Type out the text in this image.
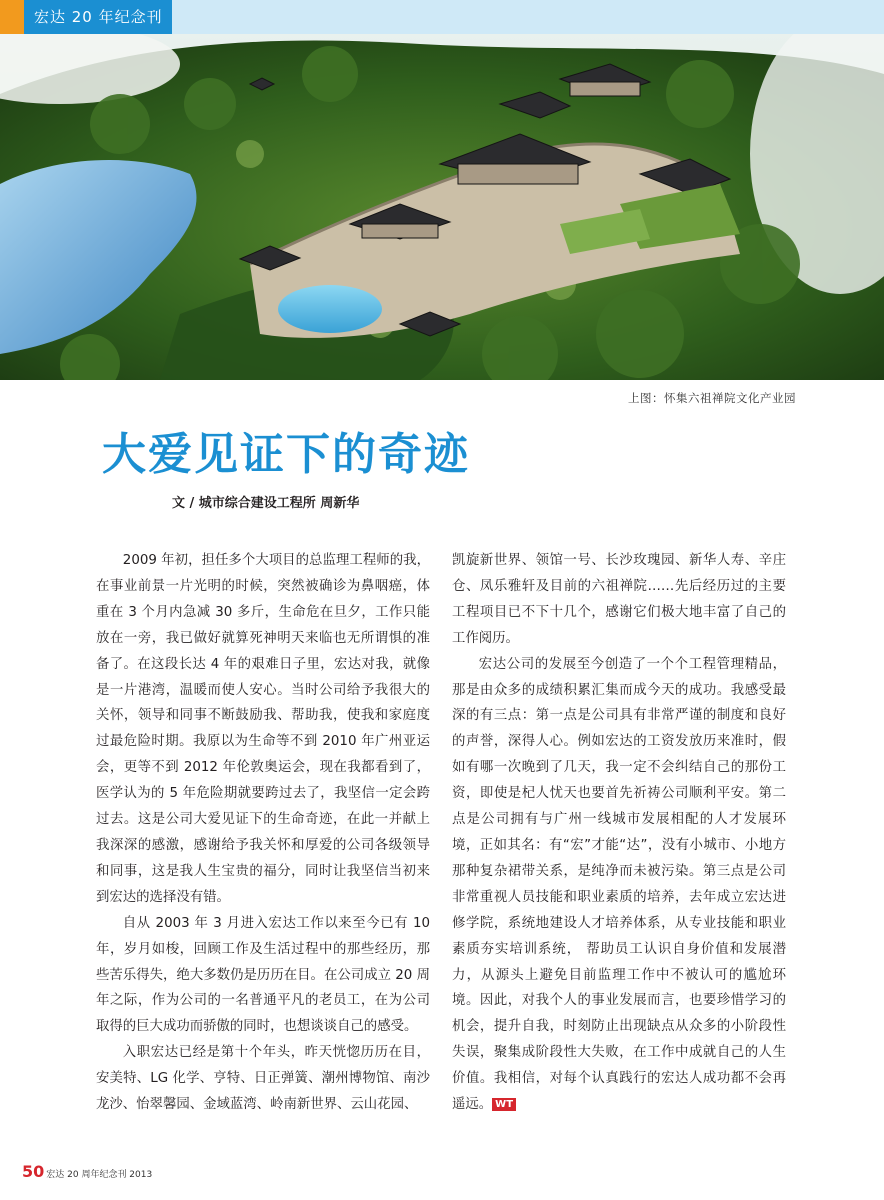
宏达 20 年纪念刊
上图：怀集六祖禅院文化产业园
大爱见证下的奇迹
文 / 城市综合建设工程所 周新华

2009 年初，担任多个大项目的总监理工程师的我，在事业前景一片光明的时候，突然被确诊为鼻咽癌，体重在 3 个月内急减 30 多斤，生命危在旦夕，工作只能放在一旁，我已做好就算死神明天来临也无所谓惧的准备了。在这段长达 4 年的艰难日子里，宏达对我，就像是一片港湾，温暖而使人安心。当时公司给予我很大的关怀，领导和同事不断鼓励我、帮助我，使我和家庭度过最危险时期。我原以为生命等不到 2010 年广州亚运会，更等不到 2012 年伦敦奥运会，现在我都看到了，医学认为的 5 年危险期就要跨过去了，我坚信一定会跨过去。这是公司大爱见证下的生命奇迹，在此一并献上我深深的感激，感谢给予我关怀和厚爱的公司各级领导和同事，这是我人生宝贵的福分，同时让我坚信当初来到宏达的选择没有错。

自从 2003 年 3 月进入宏达工作以来至今已有 10 年，岁月如梭，回顾工作及生活过程中的那些经历，那些苦乐得失，绝大多数仍是历历在目。在公司成立 20 周年之际，作为公司的一名普通平凡的老员工，在为公司取得的巨大成功而骄傲的同时，也想谈谈自己的感受。

入职宏达已经是第十个年头，昨天恍惚历历在目，安美特、LG 化学、亨特、日正弹簧、潮州博物馆、南沙龙沙、怡翠馨园、金域蓝湾、岭南新世界、云山花园、

凯旋新世界、领馆一号、长沙玫瑰园、新华人寿、辛庄仓、凤乐雅轩及目前的六祖禅院……先后经历过的主要工程项目已不下十几个，感谢它们极大地丰富了自己的工作阅历。

宏达公司的发展至今创造了一个个工程管理精品，那是由众多的成绩积累汇集而成今天的成功。我感受最深的有三点：第一点是公司具有非常严谨的制度和良好的声誉，深得人心。例如宏达的工资发放历来准时，假如有哪一次晚到了几天，我一定不会纠结自己的那份工资，即使是杞人忧天也要首先祈祷公司顺利平安。第二点是公司拥有与广州一线城市发展相配的人才发展环境，正如其名：有“宏”才能“达”，没有小城市、小地方那种复杂裙带关系，是纯净而未被污染。第三点是公司非常重视人员技能和职业素质的培养，去年成立宏达进修学院，系统地建设人才培养体系，从专业技能和职业素质夯实培训系统， 帮助员工认识自身价值和发展潜力，从源头上避免目前监理工作中不被认可的尴尬环境。因此，对我个人的事业发展而言，也要珍惜学习的机会，提升自我，时刻防止出现缺点从众多的小阶段性失误，聚集成阶段性大失败，在工作中成就自己的人生价值。我相信，对每个认真践行的宏达人成功都不会再遥远。 WT

50 宏达 20 周年纪念刊 2013
